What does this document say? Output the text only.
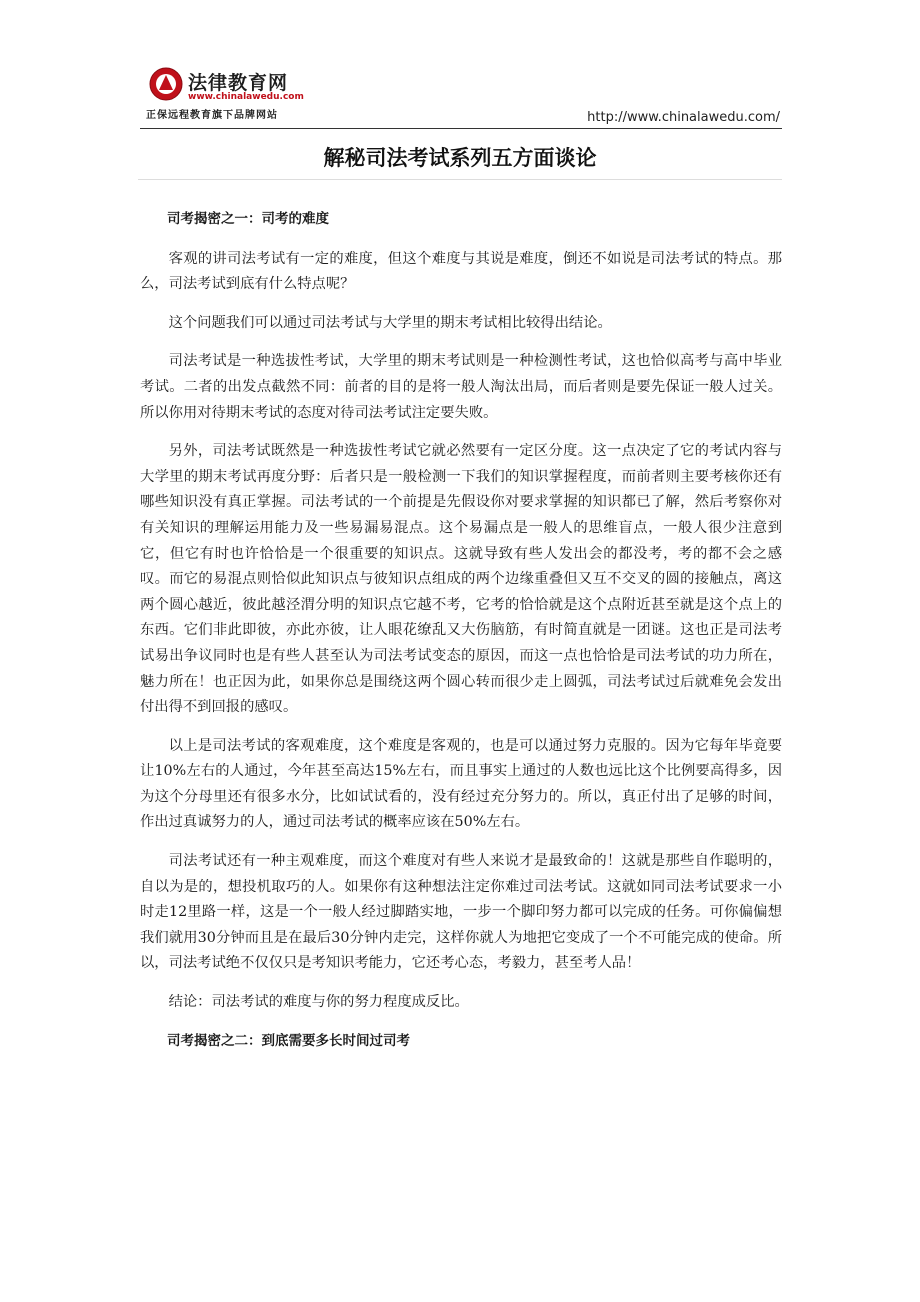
法律教育网
www.chinalawedu.com
正保远程教育旗下品牌网站	http://www.chinalawedu.com/
解秘司法考试系列五方面谈论

司考揭密之一：司考的难度

客观的讲司法考试有一定的难度，但这个难度与其说是难度，倒还不如说是司法考试的特点。那么，司法考试到底有什么特点呢？

这个问题我们可以通过司法考试与大学里的期末考试相比较得出结论。

司法考试是一种选拔性考试，大学里的期末考试则是一种检测性考试，这也恰似高考与高中毕业考试。二者的出发点截然不同：前者的目的是将一般人淘汰出局，而后者则是要先保证一般人过关。所以你用对待期末考试的态度对待司法考试注定要失败。

另外，司法考试既然是一种选拔性考试它就必然要有一定区分度。这一点决定了它的考试内容与大学里的期末考试再度分野：后者只是一般检测一下我们的知识掌握程度，而前者则主要考核你还有哪些知识没有真正掌握。司法考试的一个前提是先假设你对要求掌握的知识都已了解，然后考察你对有关知识的理解运用能力及一些易漏易混点。这个易漏点是一般人的思维盲点，一般人很少注意到它，但它有时也许恰恰是一个很重要的知识点。这就导致有些人发出会的都没考，考的都不会之感叹。而它的易混点则恰似此知识点与彼知识点组成的两个边缘重叠但又互不交叉的圆的接触点，离这两个圆心越近，彼此越泾渭分明的知识点它越不考，它考的恰恰就是这个点附近甚至就是这个点上的东西。它们非此即彼，亦此亦彼，让人眼花缭乱又大伤脑筋，有时简直就是一团谜。这也正是司法考试易出争议同时也是有些人甚至认为司法考试变态的原因，而这一点也恰恰是司法考试的功力所在，魅力所在！也正因为此，如果你总是围绕这两个圆心转而很少走上圆弧，司法考试过后就难免会发出付出得不到回报的感叹。

以上是司法考试的客观难度，这个难度是客观的，也是可以通过努力克服的。因为它每年毕竟要让10%左右的人通过，今年甚至高达15%左右，而且事实上通过的人数也远比这个比例要高得多，因为这个分母里还有很多水分，比如试试看的，没有经过充分努力的。所以，真正付出了足够的时间，作出过真诚努力的人，通过司法考试的概率应该在50%左右。

司法考试还有一种主观难度，而这个难度对有些人来说才是最致命的！这就是那些自作聪明的，自以为是的，想投机取巧的人。如果你有这种想法注定你难过司法考试。这就如同司法考试要求一小时走12里路一样，这是一个一般人经过脚踏实地，一步一个脚印努力都可以完成的任务。可你偏偏想我们就用30分钟而且是在最后30分钟内走完，这样你就人为地把它变成了一个不可能完成的使命。所以，司法考试绝不仅仅只是考知识考能力，它还考心态，考毅力，甚至考人品！

结论：司法考试的难度与你的努力程度成反比。

司考揭密之二：到底需要多长时间过司考
